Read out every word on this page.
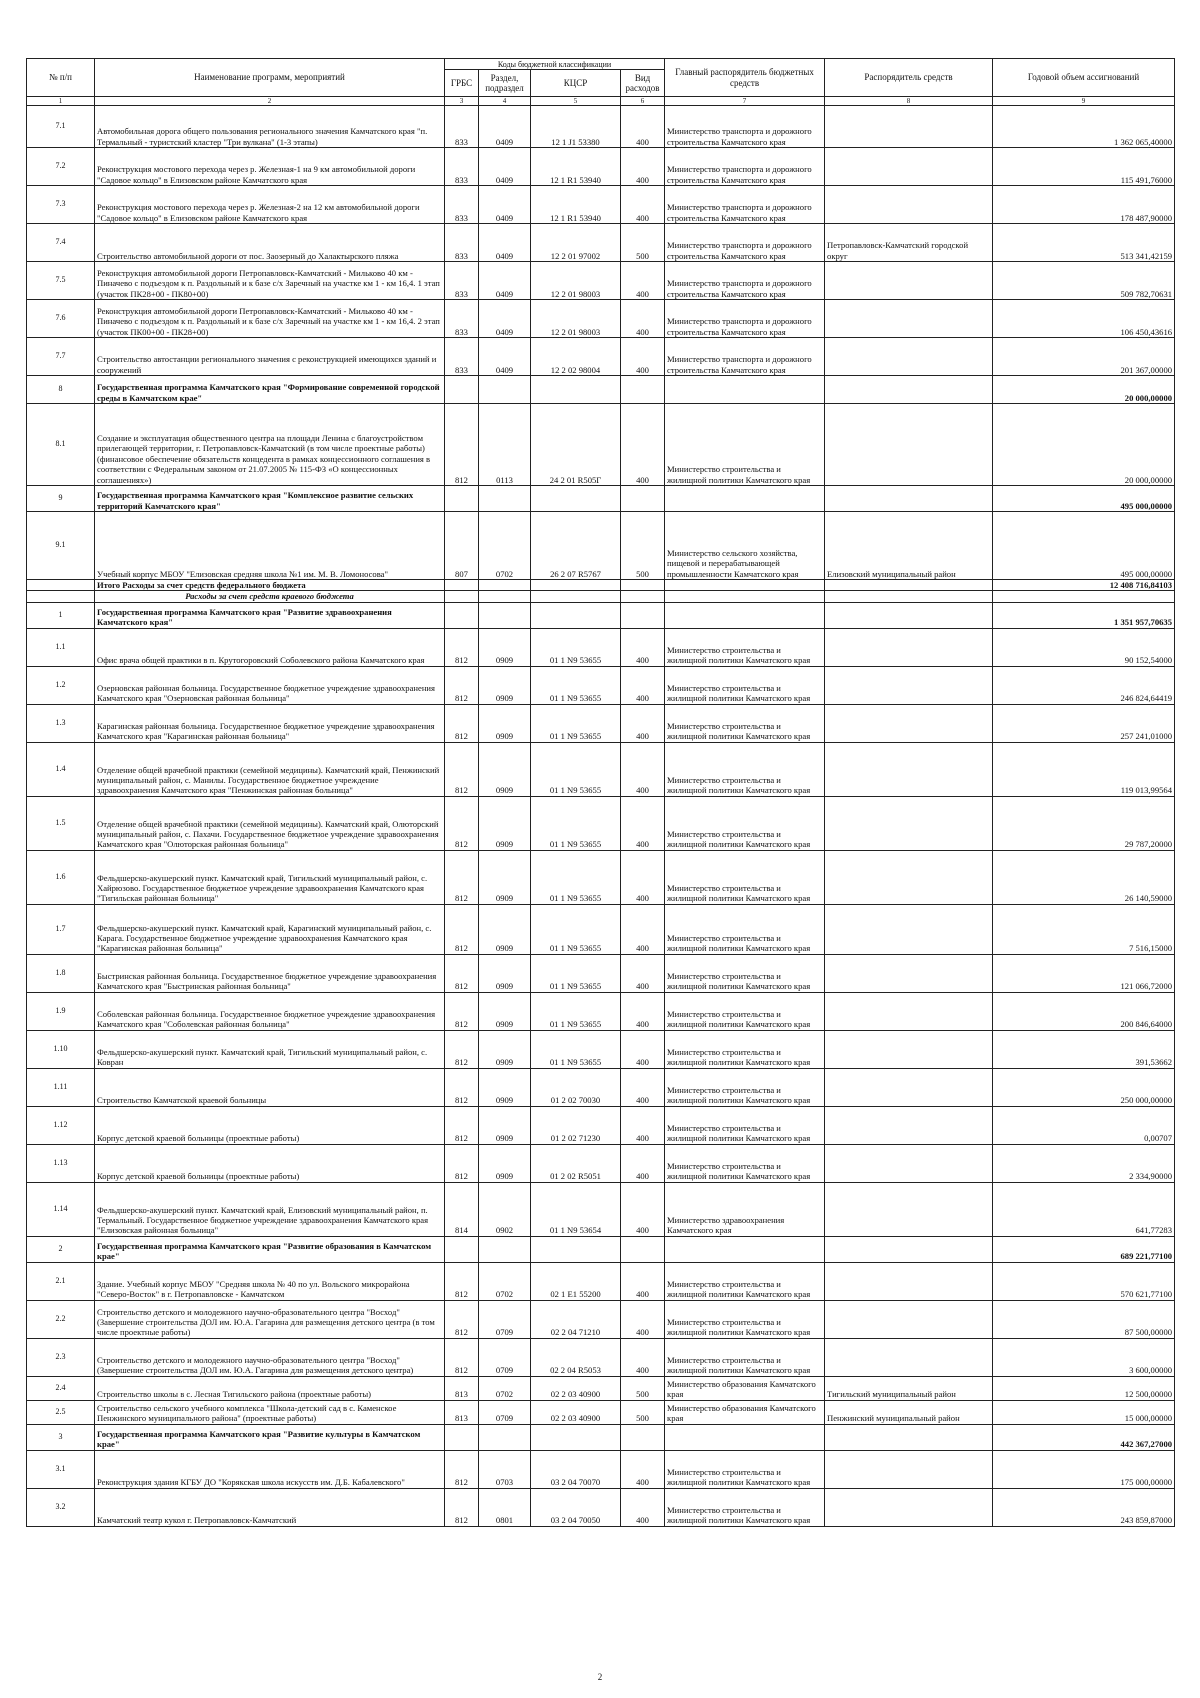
№ п/п	Наименование программ, мероприятий	Коды бюджетной классификации				Главный распорядитель бюджетных средств	Распорядитель средств	Годовой объем ассигнований
		ГРБС	Раздел, подраздел	КЦСР	Вид расходов			
1	2	3	4	5	6	7	8	9
7.1	Автомобильная дорога общего пользования регионального значения Камчатского края "п. Термальный - туристский кластер "Три вулкана" (1-3 этапы)	833	0409	12 1 J1 53380	400	Министерство транспорта и дорожного строительства Камчатского края		1 362 065,40000
7.2	Реконструкция мостового перехода через р. Железная-1 на 9 км автомобильной дороги "Садовое кольцо" в Елизовском районе Камчатского края	833	0409	12 1 R1 53940	400	Министерство транспорта и дорожного строительства Камчатского края		115 491,76000
7.3	Реконструкция мостового перехода через р. Железная-2 на 12 км автомобильной дороги "Садовое кольцо" в Елизовском районе Камчатского края	833	0409	12 1 R1 53940	400	Министерство транспорта и дорожного строительства Камчатского края		178 487,90000
7.4	Строительство автомобильной дороги от пос. Заозерный до Халактырского пляжа	833	0409	12 2 01 97002	500	Министерство транспорта и дорожного строительства Камчатского края	Петропавловск-Камчатский городской округ	513 341,42159
7.5	Реконструкция автомобильной дороги Петропавловск-Камчатский - Мильково 40 км - Пиначево с подъездом к п. Раздольный и к базе с/х Заречный на участке км 1 - км 16,4. 1 этап (участок ПК28+00 - ПК80+00)	833	0409	12 2 01 98003	400	Министерство транспорта и дорожного строительства Камчатского края		509 782,70631
7.6	Реконструкция автомобильной дороги Петропавловск-Камчатский - Мильково 40 км - Пиначево с подъездом к п. Раздольный и к базе с/х Заречный на участке км 1 - км 16,4. 2 этап (участок ПК00+00 - ПК28+00)	833	0409	12 2 01 98003	400	Министерство транспорта и дорожного строительства Камчатского края		106 450,43616
7.7	Строительство автостанции регионального значения с реконструкцией имеющихся зданий и сооружений	833	0409	12 2 02 98004	400	Министерство транспорта и дорожного строительства Камчатского края		201 367,00000
8	Государственная программа Камчатского края "Формирование современной городской среды в Камчатском крае"							20 000,00000
8.1	Создание и эксплуатация общественного центра на площади Ленина с благоустройством прилегающей территории, г. Петропавловск-Камчатский (в том числе проектные работы) (финансовое обеспечение обязательств концедента в рамках концессионного соглашения в соответствии с Федеральным законом от 21.07.2005 № 115-ФЗ «О концессионных соглашениях»)	812	0113	24 2 01 R505Г	400	Министерство строительства и жилищной политики Камчатского края		20 000,00000
9	Государственная программа Камчатского края "Комплексное развитие сельских территорий Камчатского края"							495 000,00000
9.1	Учебный корпус МБОУ "Елизовская средняя школа №1 им. М. В. Ломоносова"	807	0702	26 2 07 R5767	500	Министерство сельского хозяйства, пищевой и перерабатывающей промышленности Камчатского края	Елизовский муниципальный район	495 000,00000
	Итого Расходы за счет средств федерального бюджета							12 408 716,84103
	Расходы за счет средств краевого бюджета							
1	Государственная программа Камчатского края "Развитие здравоохранения Камчатского края"							1 351 957,70635
1.1	Офис врача общей практики в п. Крутогоровский Соболевского района Камчатского края	812	0909	01 1 N9 53655	400	Министерство строительства и жилищной политики Камчатского края		90 152,54000
1.2	Озерновская районная больница. Государственное бюджетное учреждение здравоохранения Камчатского края "Озерновская районная больница"	812	0909	01 1 N9 53655	400	Министерство строительства и жилищной политики Камчатского края		246 824,64419
1.3	Карагинская районная больница. Государственное бюджетное учреждение здравоохранения Камчатского края "Карагинская районная больница"	812	0909	01 1 N9 53655	400	Министерство строительства и жилищной политики Камчатского края		257 241,01000
1.4	Отделение общей врачебной практики (семейной медицины). Камчатский край, Пенжинский муниципальный район, с. Манилы. Государственное бюджетное учреждение здравоохранения Камчатского края "Пенжинская районная больница"	812	0909	01 1 N9 53655	400	Министерство строительства и жилищной политики Камчатского края		119 013,99564
1.5	Отделение общей врачебной практики (семейной медицины). Камчатский край, Олюторский муниципальный район, с. Пахачи. Государственное бюджетное учреждение здравоохранения Камчатского края "Олюторская районная больница"	812	0909	01 1 N9 53655	400	Министерство строительства и жилищной политики Камчатского края		29 787,20000
1.6	Фельдшерско-акушерский пункт. Камчатский край, Тигильский муниципальный район, с. Хайрюзово. Государственное бюджетное учреждение здравоохранения Камчатского края "Тигильская районная больница"	812	0909	01 1 N9 53655	400	Министерство строительства и жилищной политики Камчатского края		26 140,59000
1.7	Фельдшерско-акушерский пункт. Камчатский край, Карагинский муниципальный район, с. Карага. Государственное бюджетное учреждение здравоохранения Камчатского края "Карагинская районная больница"	812	0909	01 1 N9 53655	400	Министерство строительства и жилищной политики Камчатского края		7 516,15000
1.8	Быстринская районная больница. Государственное бюджетное учреждение здравоохранения Камчатского края "Быстринская районная больница"	812	0909	01 1 N9 53655	400	Министерство строительства и жилищной политики Камчатского края		121 066,72000
1.9	Соболевская районная больница. Государственное бюджетное учреждение здравоохранения Камчатского края "Соболевская районная больница"	812	0909	01 1 N9 53655	400	Министерство строительства и жилищной политики Камчатского края		200 846,64000
1.10	Фельдшерско-акушерский пункт. Камчатский край, Тигильский муниципальный район, с. Ковран	812	0909	01 1 N9 53655	400	Министерство строительства и жилищной политики Камчатского края		391,53662
1.11	Строительство Камчатской краевой больницы	812	0909	01 2 02 70030	400	Министерство строительства и жилищной политики Камчатского края		250 000,00000
1.12	Корпус детской краевой больницы (проектные работы)	812	0909	01 2 02 71230	400	Министерство строительства и жилищной политики Камчатского края		0,00707
1.13	Корпус детской краевой больницы (проектные работы)	812	0909	01 2 02 R5051	400	Министерство строительства и жилищной политики Камчатского края		2 334,90000
1.14	Фельдшерско-акушерский пункт. Камчатский край, Елизовский муниципальный район, п. Термальный. Государственное бюджетное учреждение здравоохранения Камчатского края "Елизовская районная больница"	814	0902	01 1 N9 53654	400	Министерство здравоохранения Камчатского края		641,77283
2	Государственная программа Камчатского края "Развитие образования в Камчатском крае"							689 221,77100
2.1	Здание. Учебный корпус МБОУ "Средняя школа № 40 по ул. Вольского микрорайона "Северо-Восток" в г. Петропавловске - Камчатском	812	0702	02 1 E1 55200	400	Министерство строительства и жилищной политики Камчатского края		570 621,77100
2.2	Строительство детского и молодежного научно-образовательного центра "Восход" (Завершение строительства ДОЛ им. Ю.А. Гагарина для размещения детского центра (в том числе проектные работы)	812	0709	02 2 04 71210	400	Министерство строительства и жилищной политики Камчатского края		87 500,00000
2.3	Строительство детского и молодежного научно-образовательного центра "Восход" (Завершение строительства ДОЛ им. Ю.А. Гагарина для размещения детского центра)	812	0709	02 2 04 R5053	400	Министерство строительства и жилищной политики Камчатского края		3 600,00000
2.4	Строительство школы в с. Лесная Тигильского района (проектные работы)	813	0702	02 2 03 40900	500	Министерство образования Камчатского края	Тигильский муниципальный район	12 500,00000
2.5	Строительство сельского учебного комплекса "Школа-детский сад в с. Каменское Пенжинского муниципального района" (проектные работы)	813	0709	02 2 03 40900	500	Министерство образования Камчатского края	Пенжинский муниципальный район	15 000,00000
3	Государственная программа Камчатского края "Развитие культуры в Камчатском крае"							442 367,27000
3.1	Реконструкция здания КГБУ ДО "Корякская школа искусств им. Д.Б. Кабалевского"	812	0703	03 2 04 70070	400	Министерство строительства и жилищной политики Камчатского края		175 000,00000
3.2	Камчатский театр кукол г. Петропавловск-Камчатский	812	0801	03 2 04 70050	400	Министерство строительства и жилищной политики Камчатского края		243 859,87000
2
